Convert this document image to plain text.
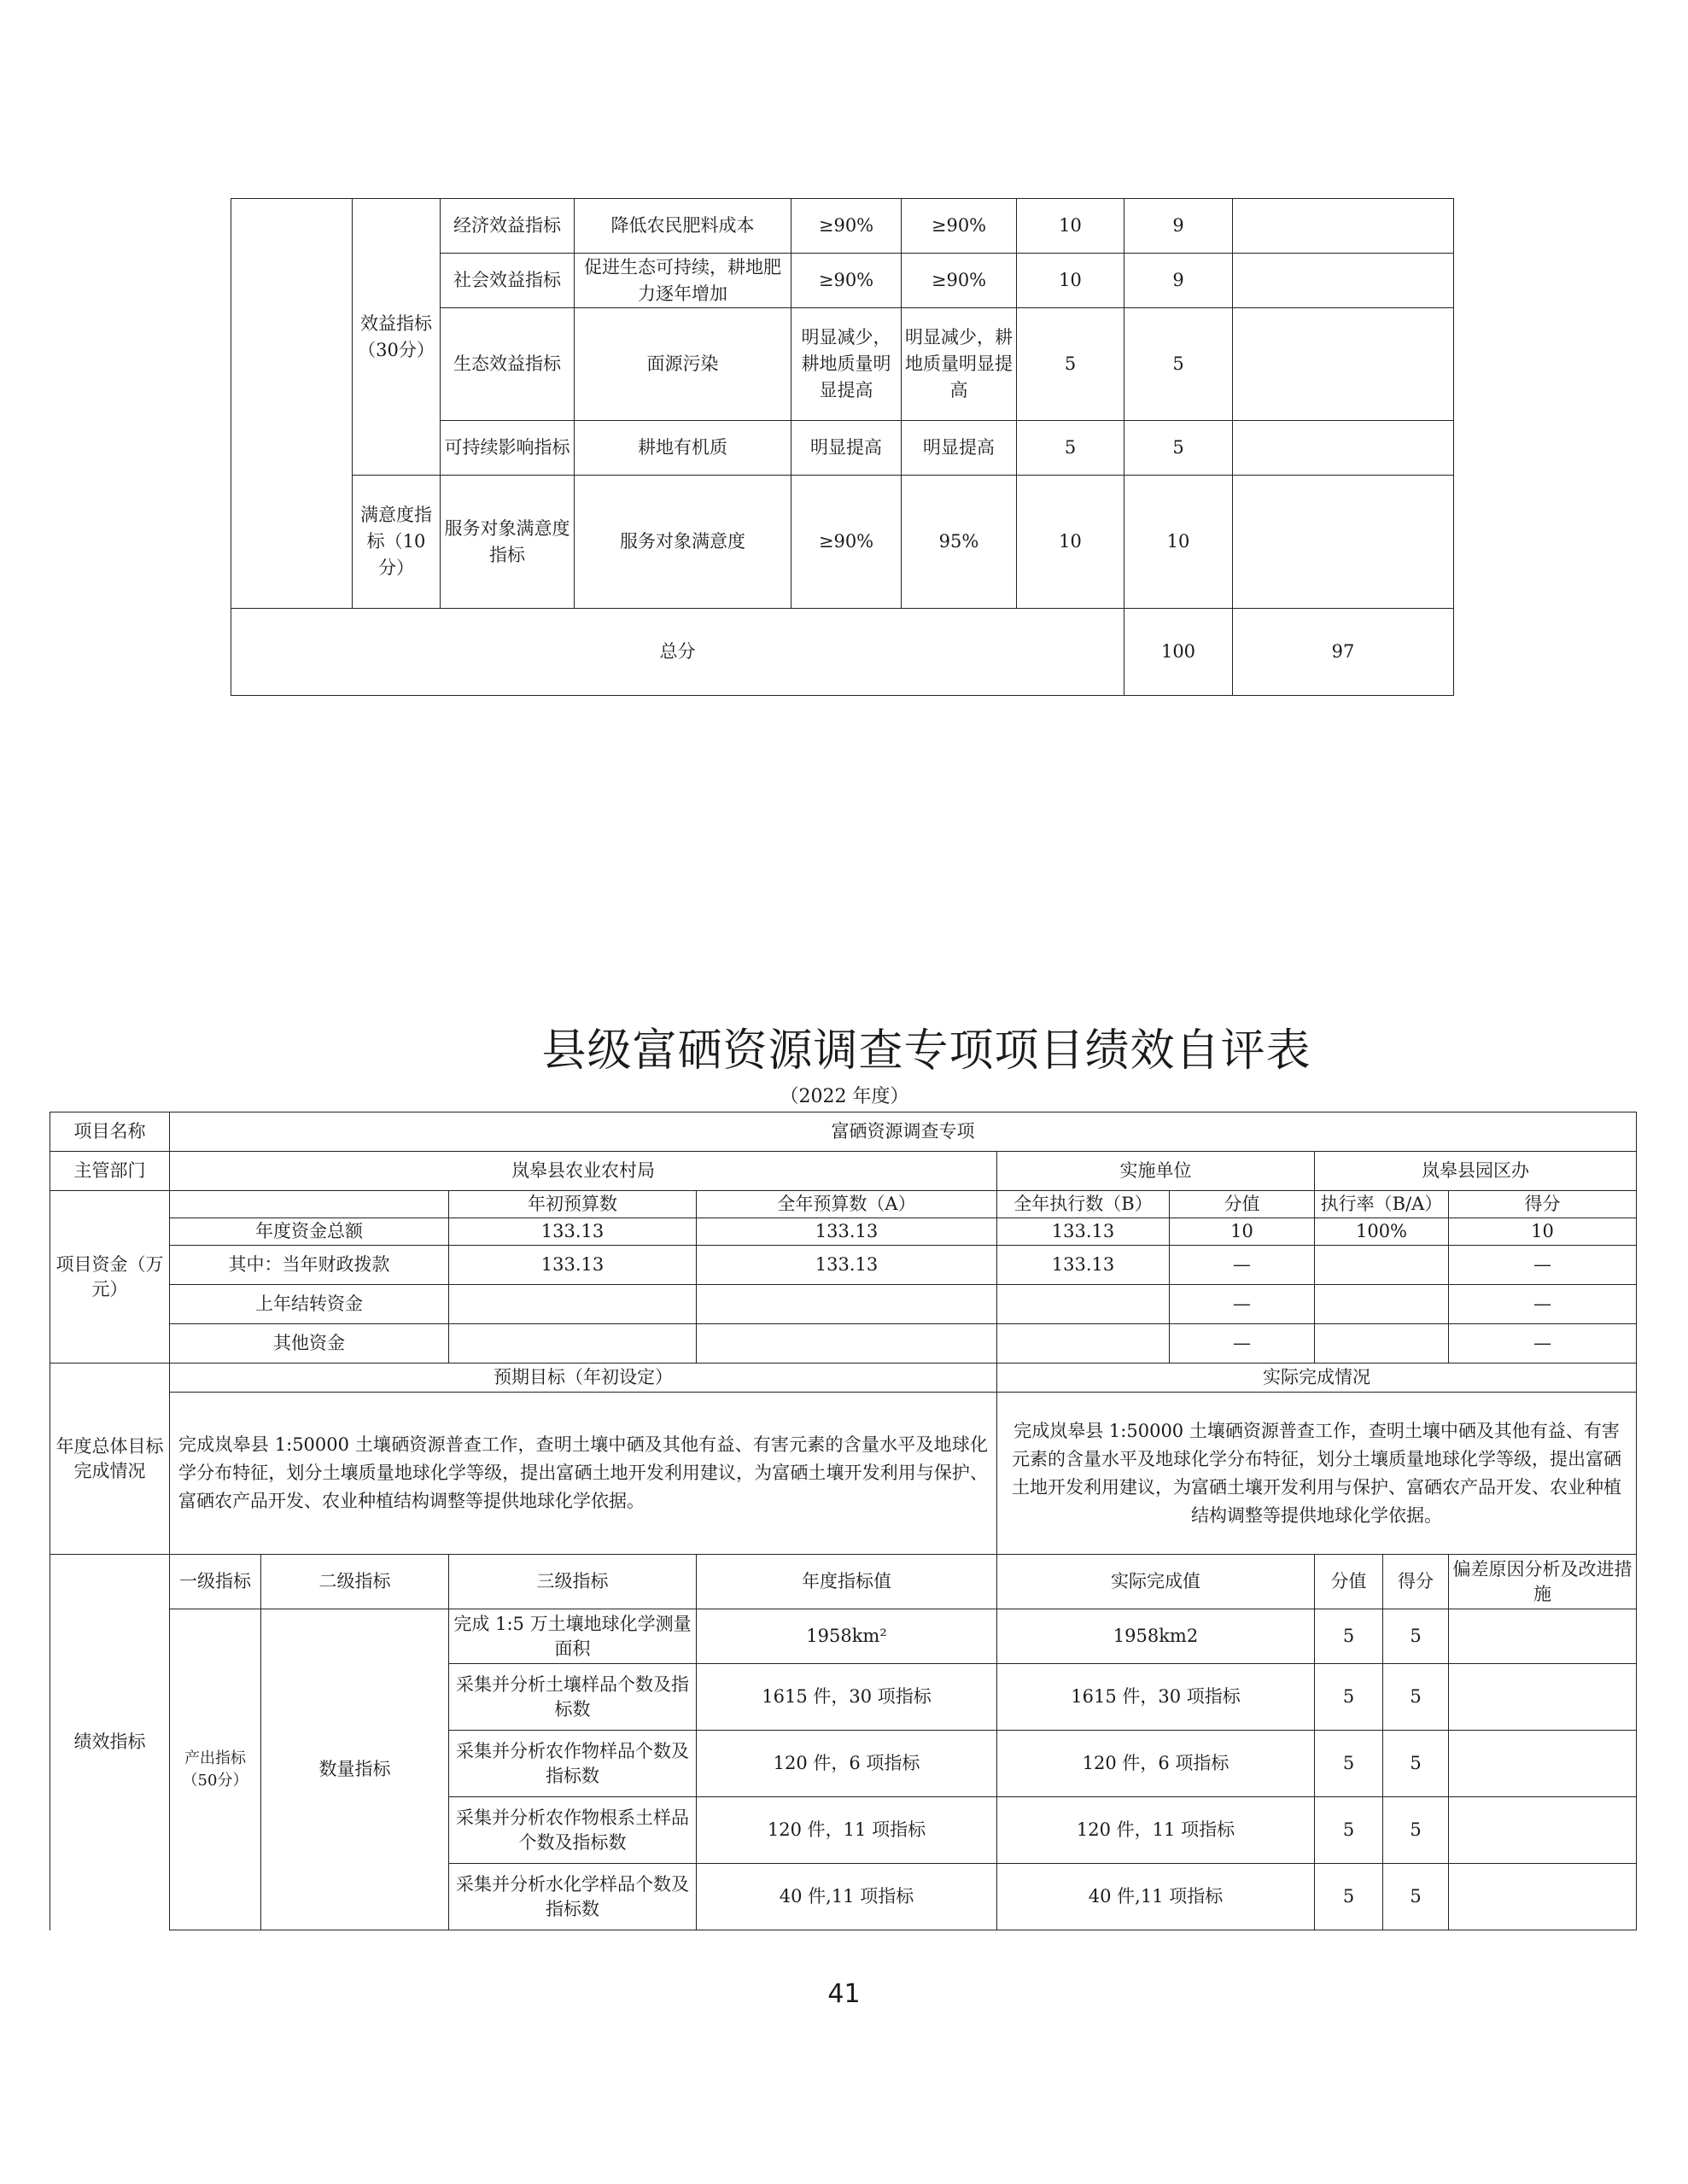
	效益指标（30分）	经济效益指标	降低农民肥料成本	≥90%	≥90%	10	9	
		社会效益指标	促进生态可持续，耕地肥力逐年增加	≥90%	≥90%	10	9	
		生态效益指标	面源污染	明显减少，耕地质量明显提高	明显减少，耕地质量明显提高	5	5	
		可持续影响指标	耕地有机质	明显提高	明显提高	5	5	
	满意度指标（10分）	服务对象满意度指标	服务对象满意度	≥90%	95%	10	10	

总分							100	97
县级富硒资源调查专项项目绩效自评表
（2022 年度）
项目名称	富硒资源调查专项								
主管部门	岚皋县农业农村局				实施单位		岚皋县园区办		
项目资金（万元）			年初预算数	全年预算数（A）	全年执行数（B）	分值	执行率（B/A）		得分
	年度资金总额		133.13	133.13	133.13	10	100%		10
	其中：当年财政拨款		133.13	133.13	133.13	—			—
	上年结转资金					—			—
	其他资金					—			—
年度总体目标完成情况	预期目标（年初设定）				实际完成情况				
	完成岚皋县 1:50000 土壤硒资源普查工作，查明土壤中硒及其他有益、有害元素的含量水平及地球化学分布特征，划分土壤质量地球化学等级，提出富硒土地开发利用建议，为富硒土壤开发利用与保护、富硒农产品开发、农业种植结构调整等提供地球化学依据。				完成岚皋县 1:50000 土壤硒资源普查工作，查明土壤中硒及其他有益、有害元素的含量水平及地球化学分布特征，划分土壤质量地球化学等级，提出富硒土地开发利用建议，为富硒土壤开发利用与保护、富硒农产品开发、农业种植结构调整等提供地球化学依据。				
绩效指标	一级指标	二级指标	三级指标	年度指标值	实际完成值		分值	得分	偏差原因分析及改进措施
	产出指标（50分）	数量指标	完成 1:5 万土壤地球化学测量面积	1958km²	1958km2		5	5	
			采集并分析土壤样品个数及指标数	1615 件，30 项指标	1615 件，30 项指标		5	5	
			采集并分析农作物样品个数及指标数	120 件，6 项指标	120 件，6 项指标		5	5	
			采集并分析农作物根系土样品个数及指标数	120 件，11 项指标	120 件，11 项指标		5	5	
			采集并分析水化学样品个数及指标数	40 件,11 项指标	40 件,11 项指标		5	5	
41
